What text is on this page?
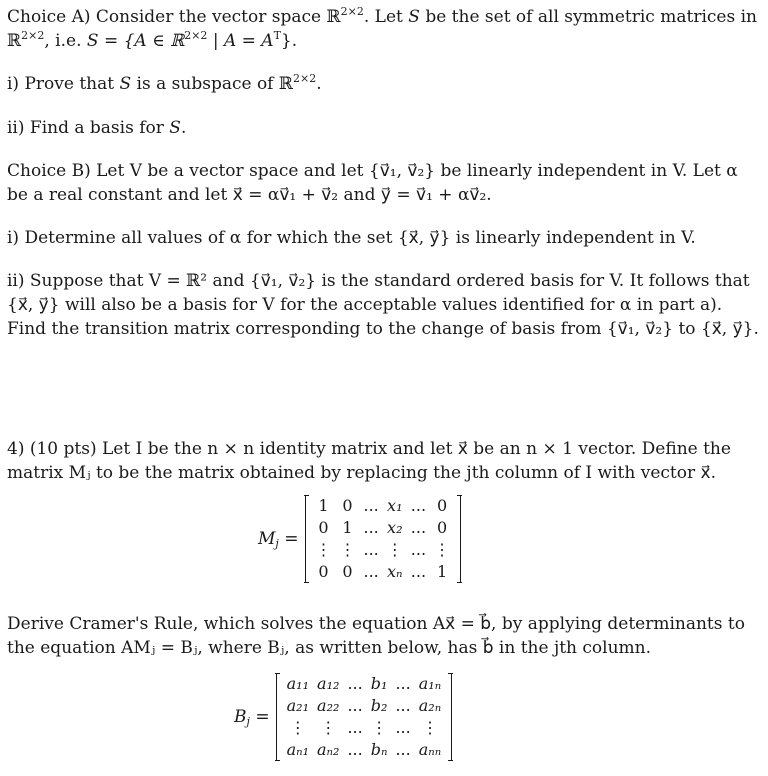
Choice A) Consider the vector space ℝ$^{2\times 2}$. Let S be the set of all symmetric matrices in
ℝ$^{2\times 2}$, i.e. S = {A ∈ ℝ$^{2\times 2}$ | $A = A^T$}.
i) Prove that S is a subspace of ℝ$^{2\times 2}$.
ii) Find a basis for S.
Choice B) Let V be a vector space and let {v⃗₁, v⃗₂} be linearly independent in V. Let α
be a real constant and let x⃗ = αv⃗₁ + v⃗₂ and y⃗ = v⃗₁ + αv⃗₂.
i) Determine all values of α for which the set {x⃗, y⃗} is linearly independent in V.
ii) Suppose that V = ℝ² and {v⃗₁, v⃗₂} is the standard ordered basis for V. It follows that
{x⃗, y⃗} will also be a basis for V for the acceptable values identified for α in part a).
Find the transition matrix corresponding to the change of basis from {v⃗₁, v⃗₂} to {x⃗, y⃗}.
4) (10 pts) Let I be the n × n identity matrix and let x⃗ be an n × 1 vector. Define the
matrix Mⱼ to be the matrix obtained by replacing the jth column of I with vector x⃗.
$M_j$ =
1	0	...	x₁	...	0
0	1	...	x₂	...	0
⋮	⋮	...	⋮	...	⋮
0	0	...	xₙ	...	1
Derive Cramer's Rule, which solves the equation Ax⃗ = b⃗, by applying determinants to
the equation AMⱼ = Bⱼ, where Bⱼ, as written below, has b⃗ in the jth column.
$B_j$ =
a₁₁	a₁₂	...	b₁	...	a₁ₙ
a₂₁	a₂₂	...	b₂	...	a₂ₙ
⋮	⋮	...	⋮	...	⋮
aₙ₁	aₙ₂	...	bₙ	...	aₙₙ
